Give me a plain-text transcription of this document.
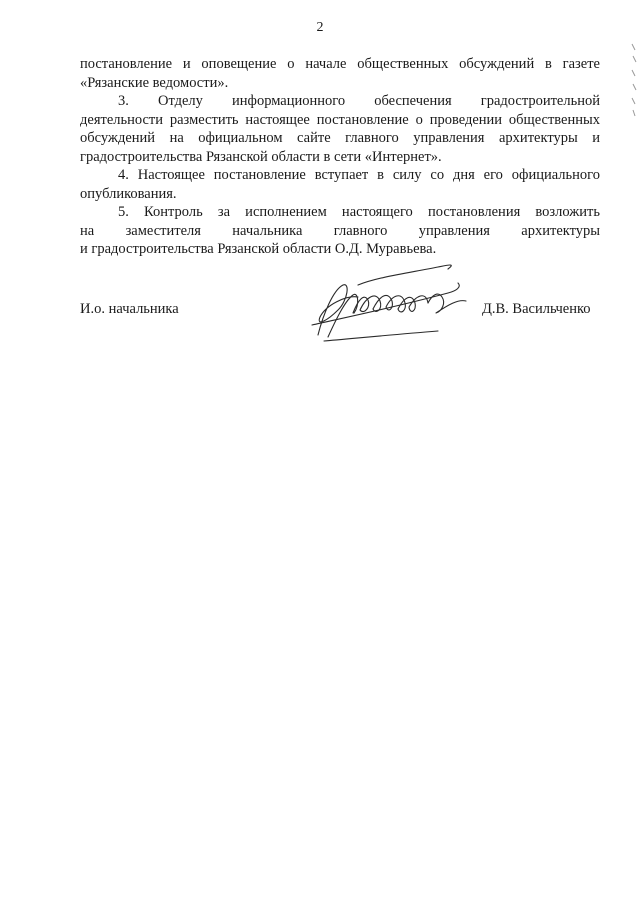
2

постановление и оповещение о начале общественных обсуждений в газете

«Рязанские ведомости».

3. Отделу информационного обеспечения градостроительной

деятельности разместить настоящее постановление о проведении общественных обсуждений на официальном сайте главного управления архитектуры и градостроительства Рязанской области в сети «Интернет».

4. Настоящее постановление вступает в силу со дня его официального опубликования.

5. Контроль за исполнением настоящего постановления возложить

на заместителя начальника главного управления архитектуры

и градостроительства Рязанской области О.Д. Муравьева.

И.о. начальника	Д.В. Васильченко
